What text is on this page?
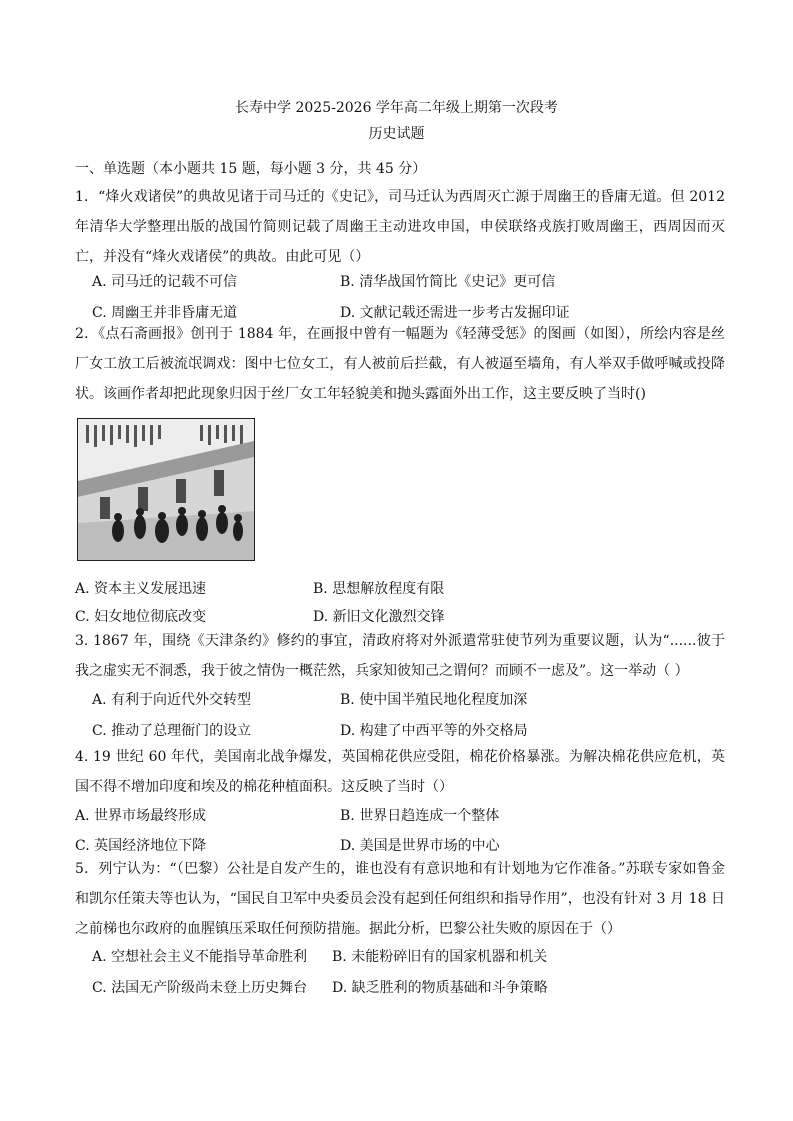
长寿中学 2025-2026 学年高二年级上期第一次段考
历史试题
一、单选题（本小题共 15 题，每小题 3 分，共 45 分）
1．“烽火戏诸侯”的典故见诸于司马迁的《史记》，司马迁认为西周灭亡源于周幽王的昏庸无道。但 2012 年清华大学整理出版的战国竹简则记载了周幽王主动进攻申国，申侯联络戎族打败周幽王，西周因而灭亡，并没有“烽火戏诸侯”的典故。由此可见（）
A. 司马迁的记载不可信	B. 清华战国竹简比《史记》更可信
C. 周幽王并非昏庸无道	D. 文献记载还需进一步考古发掘印证
2．《点石斋画报》创刊于 1884 年，在画报中曾有一幅题为《轻薄受惩》的图画（如图），所绘内容是丝厂女工放工后被流氓调戏：图中七位女工，有人被前后拦截，有人被逼至墙角，有人举双手做呼喊或投降状。该画作者却把此现象归因于丝厂女工年轻貌美和抛头露面外出工作，这主要反映了当时()
A. 资本主义发展迅速	B. 思想解放程度有限
C. 妇女地位彻底改变	D. 新旧文化激烈交锋
3. 1867 年，围绕《天津条约》修约的事宜，清政府将对外派遣常驻使节列为重要议题，认为“......彼于我之虚实无不洞悉，我于彼之情伪一概茫然，兵家知彼知己之谓何？而顾不一虑及”。这一举动（ ）
A. 有利于向近代外交转型	B. 使中国半殖民地化程度加深
C. 推动了总理衙门的设立	D. 构建了中西平等的外交格局
4. 19 世纪 60 年代，美国南北战争爆发，英国棉花供应受阻，棉花价格暴涨。为解决棉花供应危机，英国不得不增加印度和埃及的棉花种植面积。这反映了当时（）
A. 世界市场最终形成	B. 世界日趋连成一个整体
C. 英国经济地位下降	D. 美国是世界市场的中心
5．列宁认为：“（巴黎）公社是自发产生的，谁也没有有意识地和有计划地为它作准备。”苏联专家如鲁金和凯尔任策夫等也认为，“国民自卫军中央委员会没有起到任何组织和指导作用”，也没有针对 3 月 18 日之前梯也尔政府的血腥镇压采取任何预防措施。据此分析，巴黎公社失败的原因在于（）
A. 空想社会主义不能指导革命胜利 B. 未能粉碎旧有的国家机器和机关
C. 法国无产阶级尚未登上历史舞台 D. 缺乏胜利的物质基础和斗争策略
